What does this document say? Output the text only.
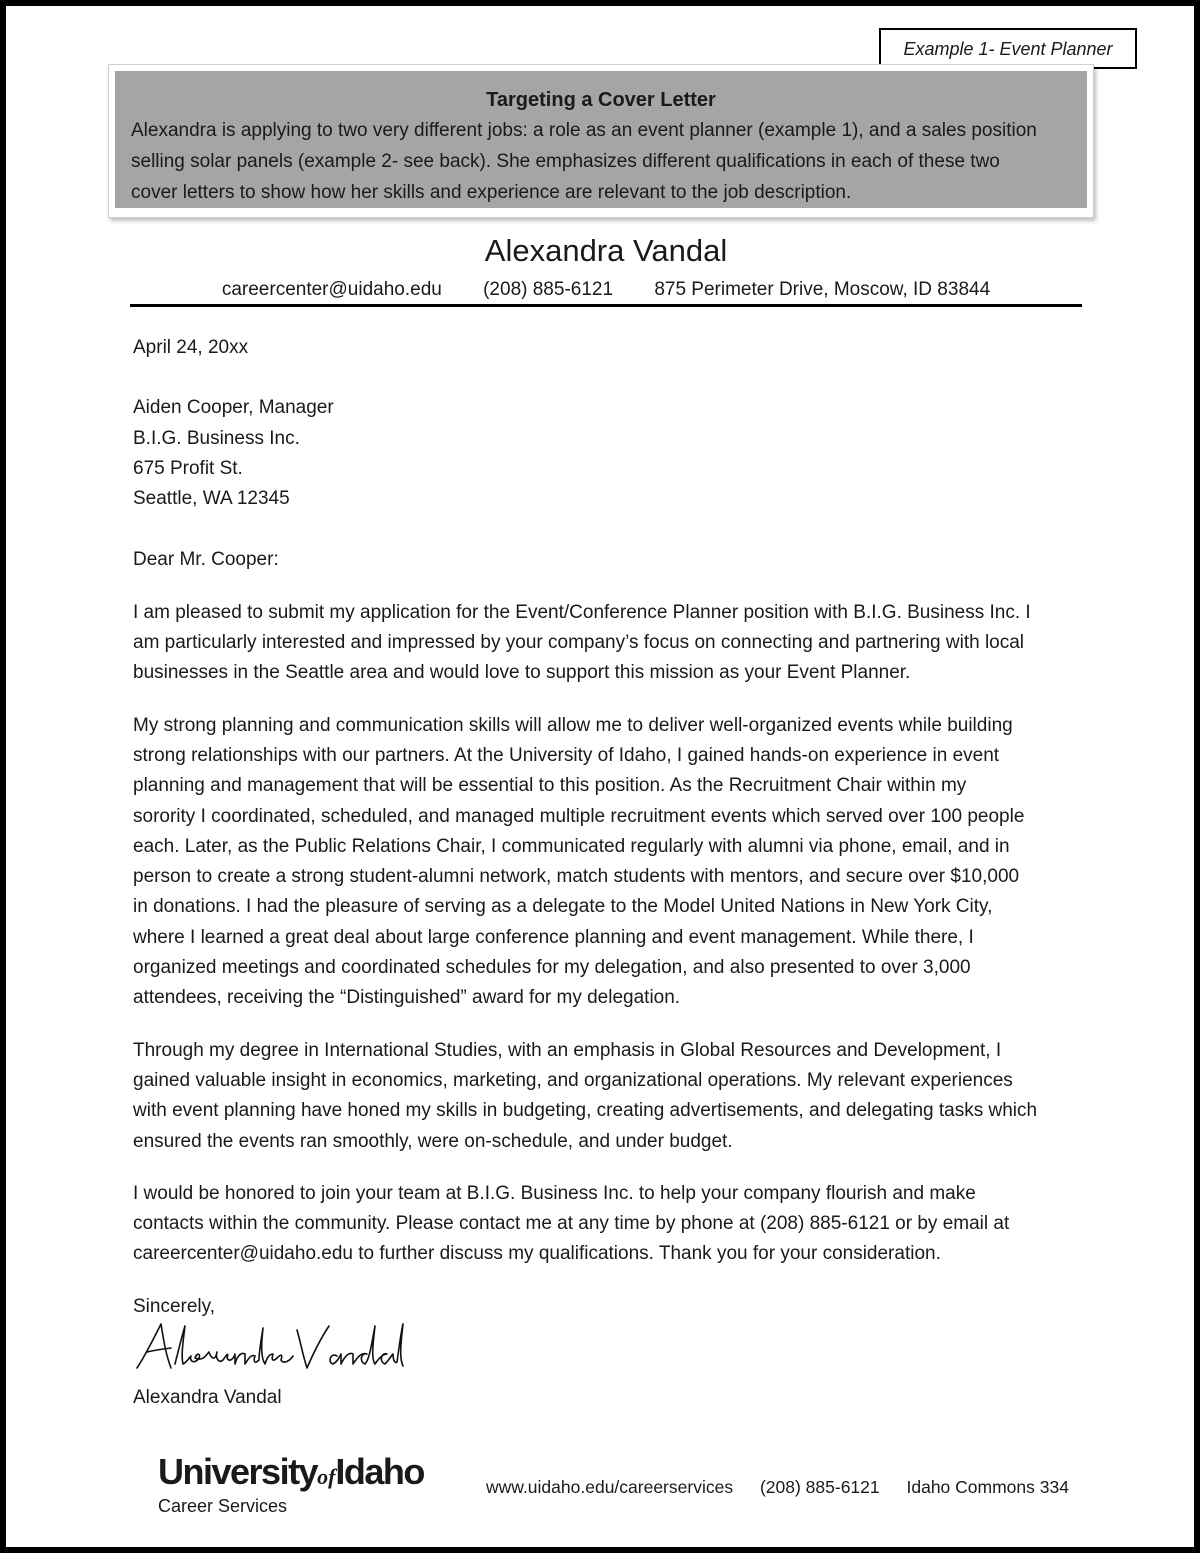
Example 1- Event Planner
Targeting a Cover Letter
Alexandra is applying to two very different jobs: a role as an event planner (example 1), and a sales position
selling solar panels (example 2- see back). She emphasizes different qualifications in each of these two
cover letters to show how her skills and experience are relevant to the job description.
Alexandra Vandal
careercenter@uidaho.edu (208) 885-6121 875 Perimeter Drive, Moscow, ID 83844

April 24, 20xx

Aiden Cooper, Manager
B.I.G. Business Inc.
675 Profit St.
Seattle, WA 12345

Dear Mr. Cooper:

I am pleased to submit my application for the Event/Conference Planner position with B.I.G. Business Inc. I
am particularly interested and impressed by your company’s focus on connecting and partnering with local
businesses in the Seattle area and would love to support this mission as your Event Planner.
My strong planning and communication skills will allow me to deliver well-organized events while building
strong relationships with our partners. At the University of Idaho, I gained hands-on experience in event
planning and management that will be essential to this position. As the Recruitment Chair within my
sorority I coordinated, scheduled, and managed multiple recruitment events which served over 100 people
each. Later, as the Public Relations Chair, I communicated regularly with alumni via phone, email, and in
person to create a strong student-alumni network, match students with mentors, and secure over $10,000
in donations. I had the pleasure of serving as a delegate to the Model United Nations in New York City,
where I learned a great deal about large conference planning and event management. While there, I
organized meetings and coordinated schedules for my delegation, and also presented to over 3,000
attendees, receiving the “Distinguished” award for my delegation.
Through my degree in International Studies, with an emphasis in Global Resources and Development, I
gained valuable insight in economics, marketing, and organizational operations. My relevant experiences
with event planning have honed my skills in budgeting, creating advertisements, and delegating tasks which
ensured the events ran smoothly, were on-schedule, and under budget.
I would be honored to join your team at B.I.G. Business Inc. to help your company flourish and make
contacts within the community. Please contact me at any time by phone at (208) 885-6121 or by email at
careercenter@uidaho.edu to further discuss my qualifications. Thank you for your consideration.

Sincerely,

Alexandra Vandal
UniversityofIdaho
Career Services
www.uidaho.edu/careerservices (208) 885-6121 Idaho Commons 334
